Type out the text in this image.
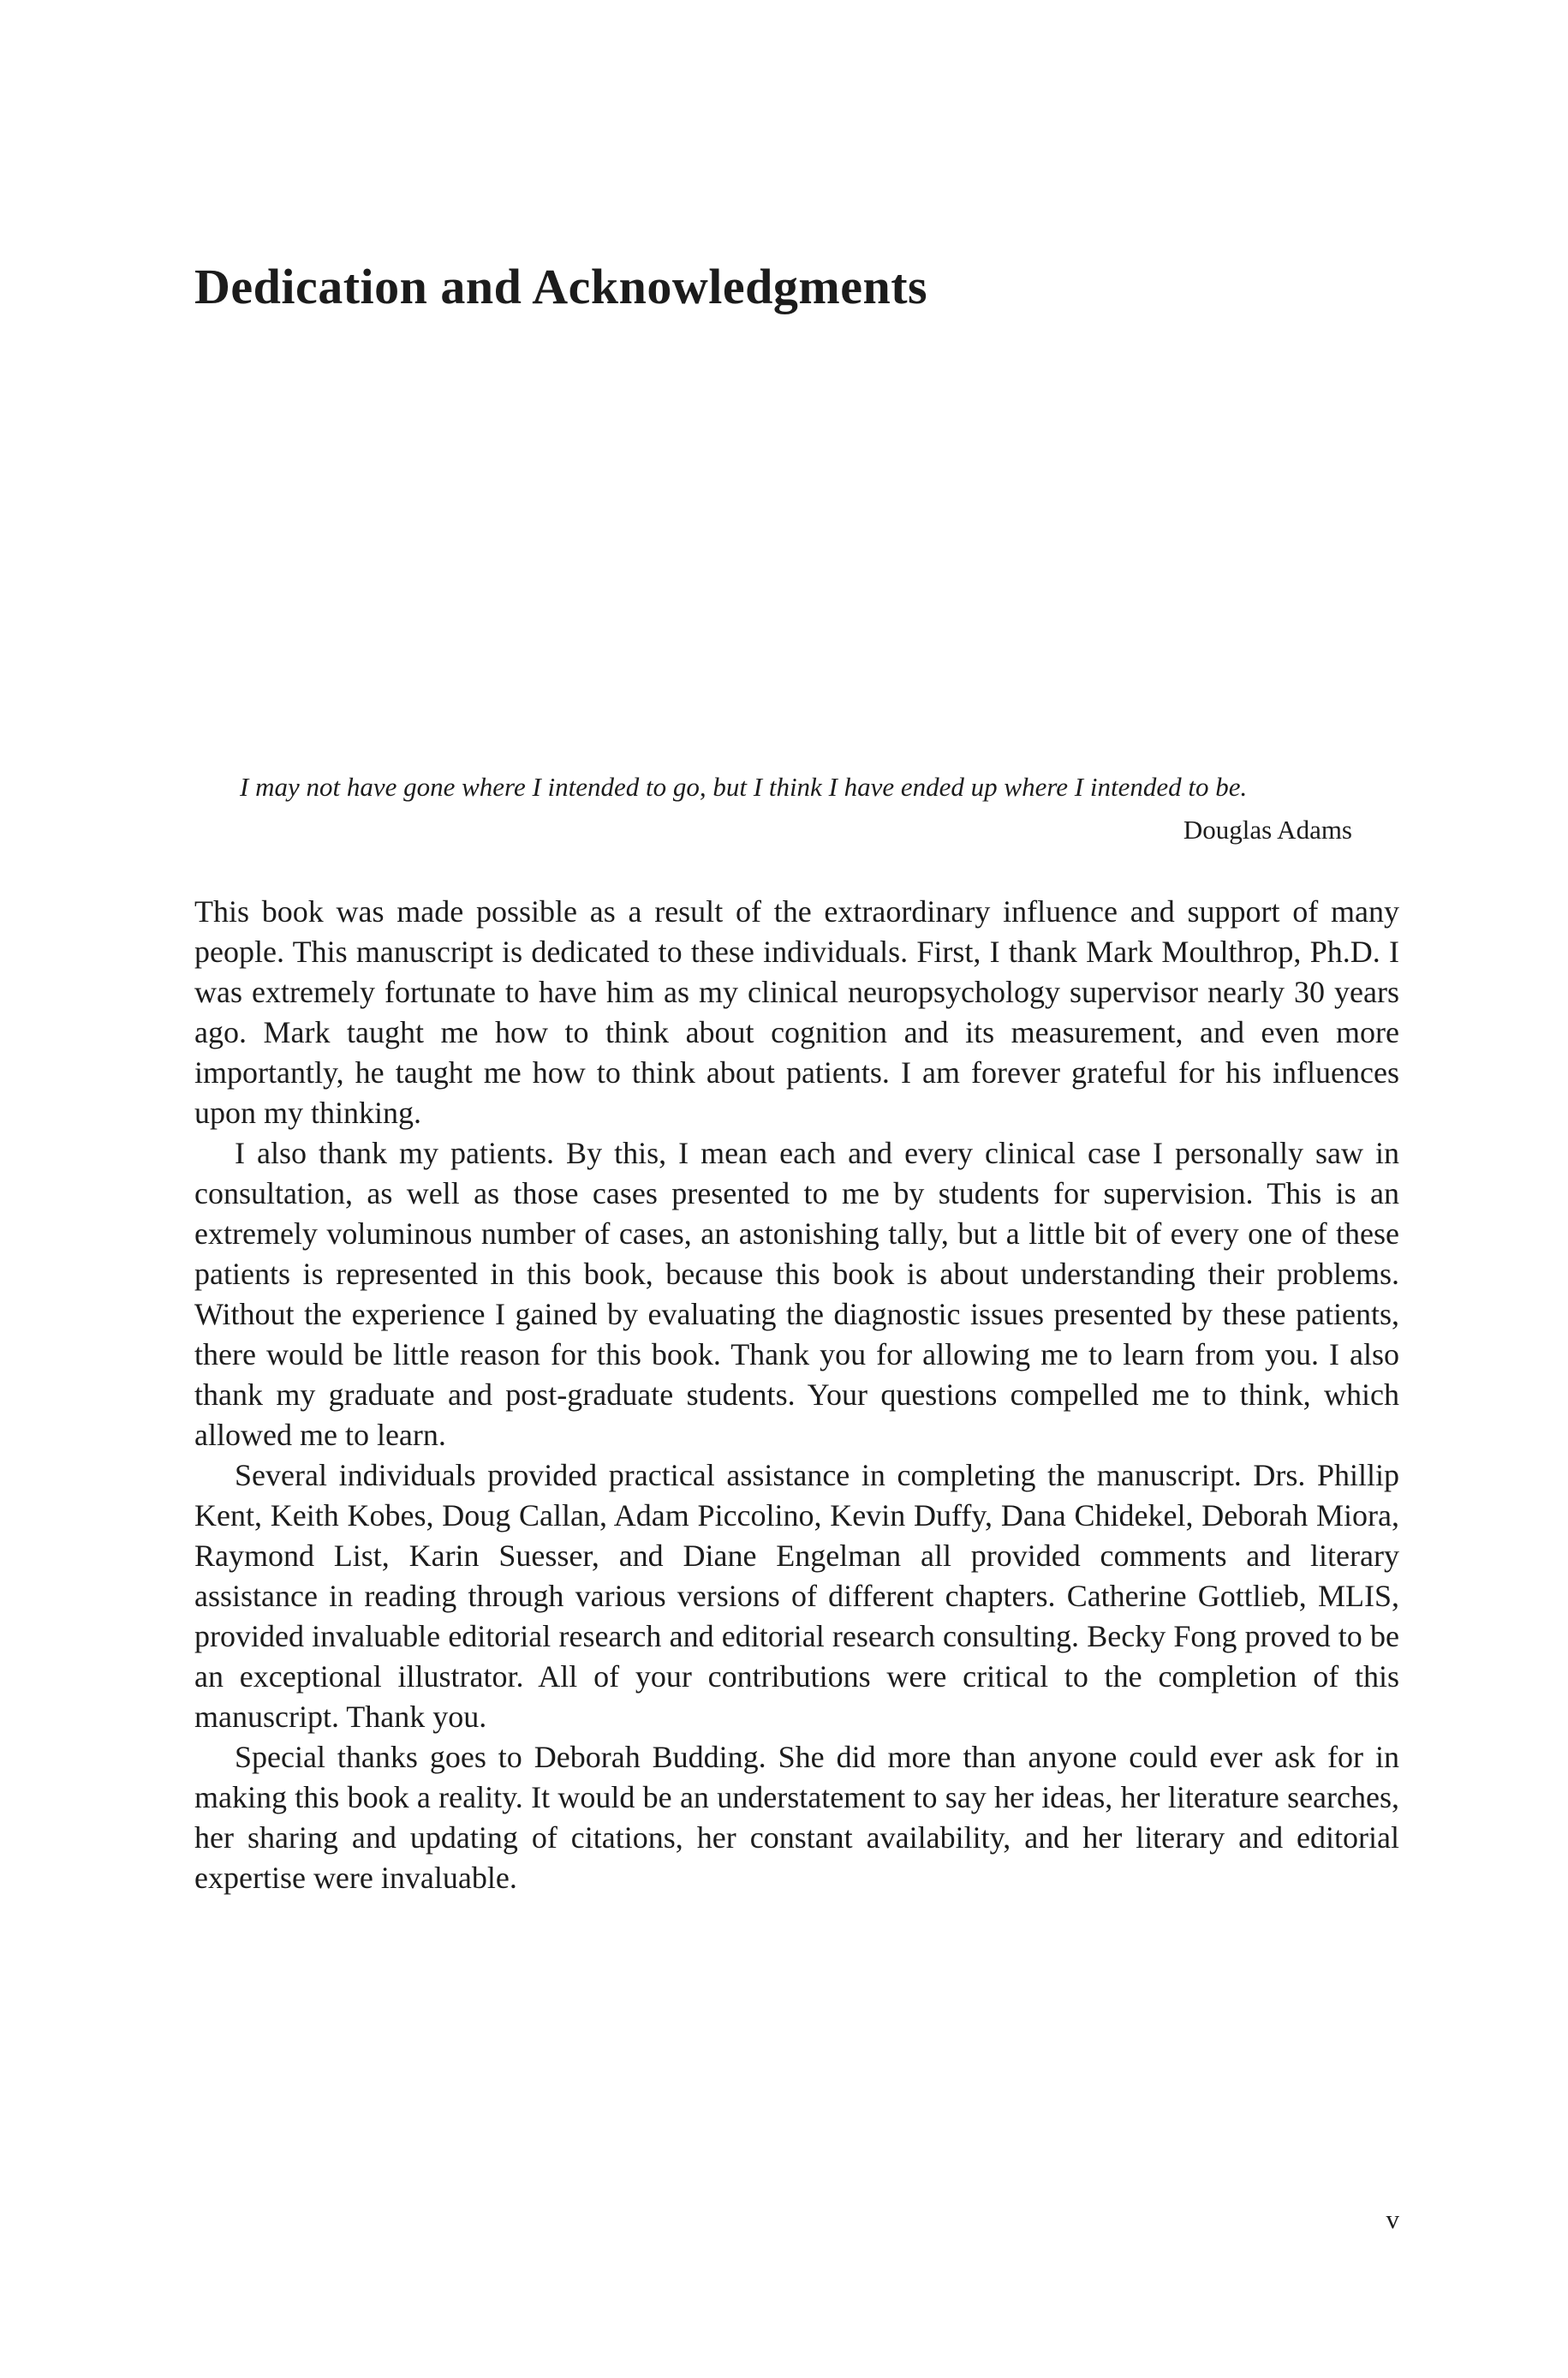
Dedication and Acknowledgments

I may not have gone where I intended to go, but I think I have ended up where I intended to be.

Douglas Adams

This book was made possible as a result of the extraordinary influence and support of many people. This manuscript is dedicated to these individuals. First, I thank Mark Moulthrop, Ph.D. I was extremely fortunate to have him as my clinical neuropsychology supervisor nearly 30 years ago. Mark taught me how to think about cognition and its measurement, and even more importantly, he taught me how to think about patients. I am forever grateful for his influences upon my thinking.

I also thank my patients. By this, I mean each and every clinical case I personally saw in consultation, as well as those cases presented to me by students for supervision. This is an extremely voluminous number of cases, an astonishing tally, but a little bit of every one of these patients is represented in this book, because this book is about understanding their problems. Without the experience I gained by evaluating the diagnostic issues presented by these patients, there would be little reason for this book. Thank you for allowing me to learn from you. I also thank my graduate and post-graduate students. Your questions compelled me to think, which allowed me to learn.

Several individuals provided practical assistance in completing the manuscript. Drs. Phillip Kent, Keith Kobes, Doug Callan, Adam Piccolino, Kevin Duffy, Dana Chidekel, Deborah Miora, Raymond List, Karin Suesser, and Diane Engelman all provided comments and literary assistance in reading through various versions of different chapters. Catherine Gottlieb, MLIS, provided invaluable editorial research and editorial research consulting. Becky Fong proved to be an exceptional illustrator. All of your contributions were critical to the completion of this manuscript. Thank you.

Special thanks goes to Deborah Budding. She did more than anyone could ever ask for in making this book a reality. It would be an understatement to say her ideas, her literature searches, her sharing and updating of citations, her constant availability, and her literary and editorial expertise were invaluable.

v
